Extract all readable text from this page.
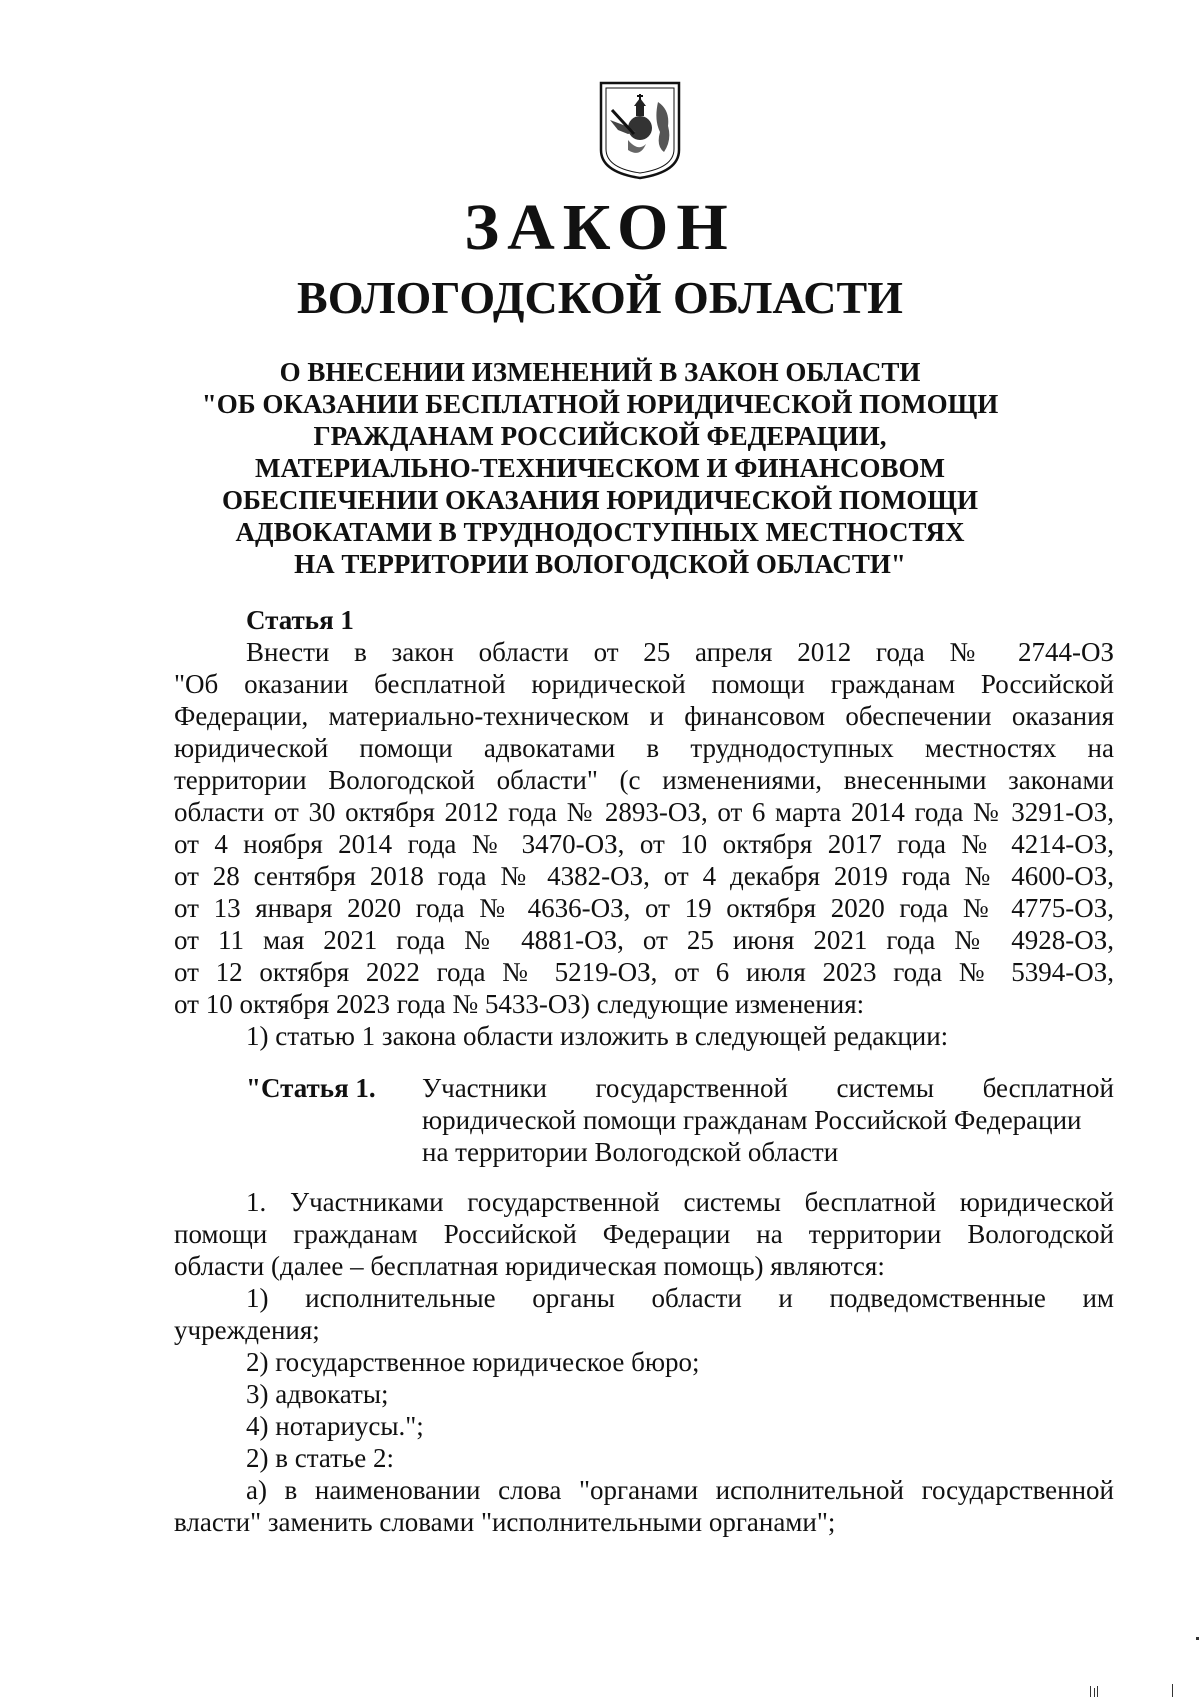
ЗАКОН
ВОЛОГОДСКОЙ ОБЛАСТИ
О ВНЕСЕНИИ ИЗМЕНЕНИЙ В ЗАКОН ОБЛАСТИ
"ОБ ОКАЗАНИИ БЕСПЛАТНОЙ ЮРИДИЧЕСКОЙ ПОМОЩИ
ГРАЖДАНАМ РОССИЙСКОЙ ФЕДЕРАЦИИ,
МАТЕРИАЛЬНО-ТЕХНИЧЕСКОМ И ФИНАНСОВОМ
ОБЕСПЕЧЕНИИ ОКАЗАНИЯ ЮРИДИЧЕСКОЙ ПОМОЩИ
АДВОКАТАМИ В ТРУДНОДОСТУПНЫХ МЕСТНОСТЯХ
НА ТЕРРИТОРИИ ВОЛОГОДСКОЙ ОБЛАСТИ"
Статья 1
Внести в закон области от 25 апреля 2012 года № 2744-ОЗ
"Об оказании бесплатной юридической помощи гражданам Российской
Федерации, материально-техническом и финансовом обеспечении оказания
юридической помощи адвокатами в труднодоступных местностях на
территории Вологодской области" (с изменениями, внесенными законами
области от 30 октября 2012 года № 2893-ОЗ, от 6 марта 2014 года № 3291-ОЗ,
от 4 ноября 2014 года № 3470-ОЗ, от 10 октября 2017 года № 4214-ОЗ,
от 28 сентября 2018 года № 4382-ОЗ, от 4 декабря 2019 года № 4600-ОЗ,
от 13 января 2020 года № 4636-ОЗ, от 19 октября 2020 года № 4775-ОЗ,
от 11 мая 2021 года № 4881-ОЗ, от 25 июня 2021 года № 4928-ОЗ,
от 12 октября 2022 года № 5219-ОЗ, от 6 июля 2023 года № 5394-ОЗ,
от 10 октября 2023 года № 5433-ОЗ) следующие изменения:
1) статью 1 закона области изложить в следующей редакции:
"Статья 1. Участники государственной системы бесплатной
юридической помощи гражданам Российской Федерации
на территории Вологодской области
1. Участниками государственной системы бесплатной юридической
помощи гражданам Российской Федерации на территории Вологодской
области (далее – бесплатная юридическая помощь) являются:
1) исполнительные органы области и подведомственные им
учреждения;
2) государственное юридическое бюро;
3) адвокаты;
4) нотариусы.";
2) в статье 2:
а) в наименовании слова "органами исполнительной государственной
власти" заменить словами "исполнительными органами";
